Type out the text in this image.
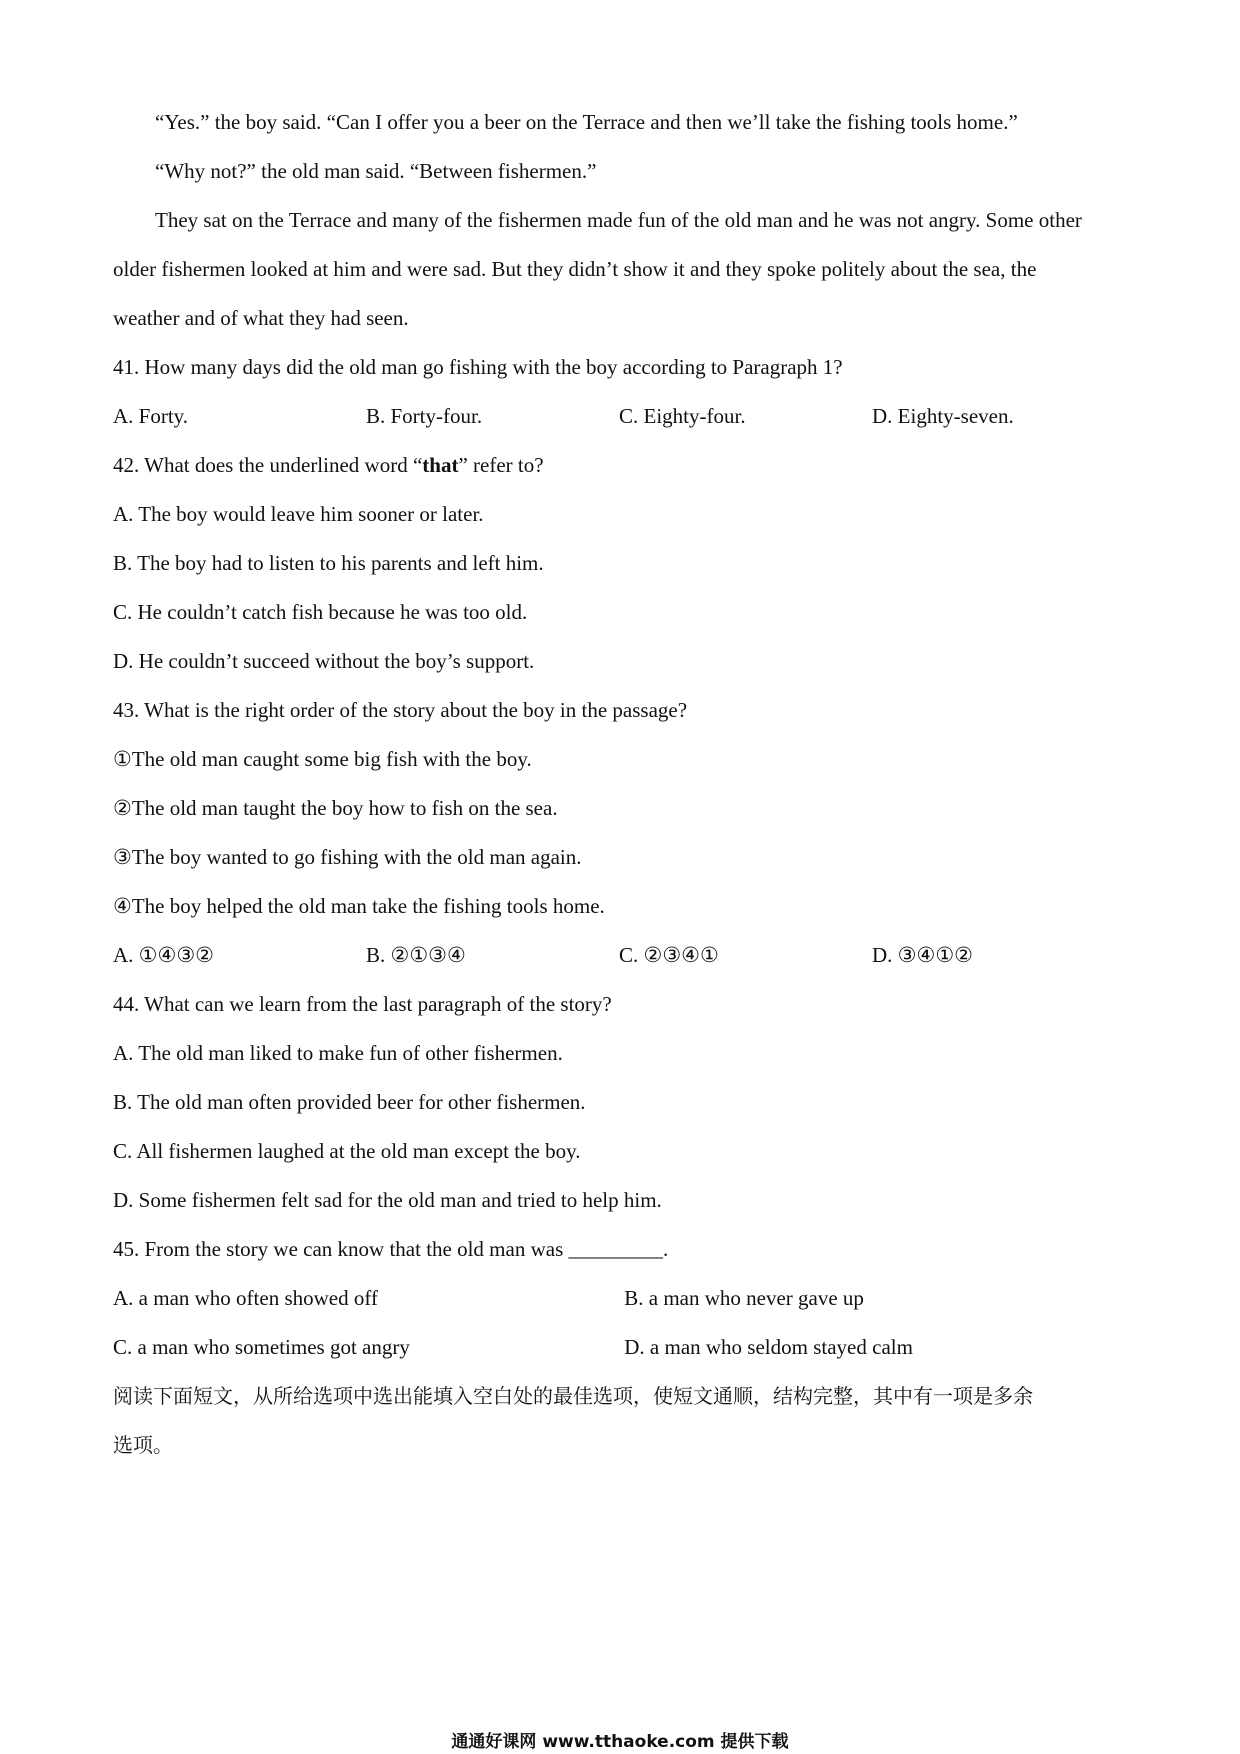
“Yes.” the boy said. “Can I offer you a beer on the Terrace and then we’ll take the fishing tools home.”
“Why not?” the old man said. “Between fishermen.”
They sat on the Terrace and many of the fishermen made fun of the old man and he was not angry. Some other
older fishermen looked at him and were sad. But they didn’t show it and they spoke politely about the sea, the
weather and of what they had seen.
41. How many days did the old man go fishing with the boy according to Paragraph 1?
A. Forty.	B. Forty-four.	C. Eighty-four.	D. Eighty-seven.
42. What does the underlined word “that” refer to?
A. The boy would leave him sooner or later.
B. The boy had to listen to his parents and left him.
C. He couldn’t catch fish because he was too old.
D. He couldn’t succeed without the boy’s support.
43. What is the right order of the story about the boy in the passage?
①The old man caught some big fish with the boy.
②The old man taught the boy how to fish on the sea.
③The boy wanted to go fishing with the old man again.
④The boy helped the old man take the fishing tools home.
A. ①④③②	B. ②①③④	C. ②③④①	D. ③④①②
44. What can we learn from the last paragraph of the story?
A. The old man liked to make fun of other fishermen.
B. The old man often provided beer for other fishermen.
C. All fishermen laughed at the old man except the boy.
D. Some fishermen felt sad for the old man and tried to help him.
45. From the story we can know that the old man was _________.
A. a man who often showed off	B. a man who never gave up
C. a man who sometimes got angry	D. a man who seldom stayed calm
阅读下面短文，从所给选项中选出能填入空白处的最佳选项，使短文通顺，结构完整，其中有一项是多余
选项。
通通好课网 www.tthaoke.com 提供下载
